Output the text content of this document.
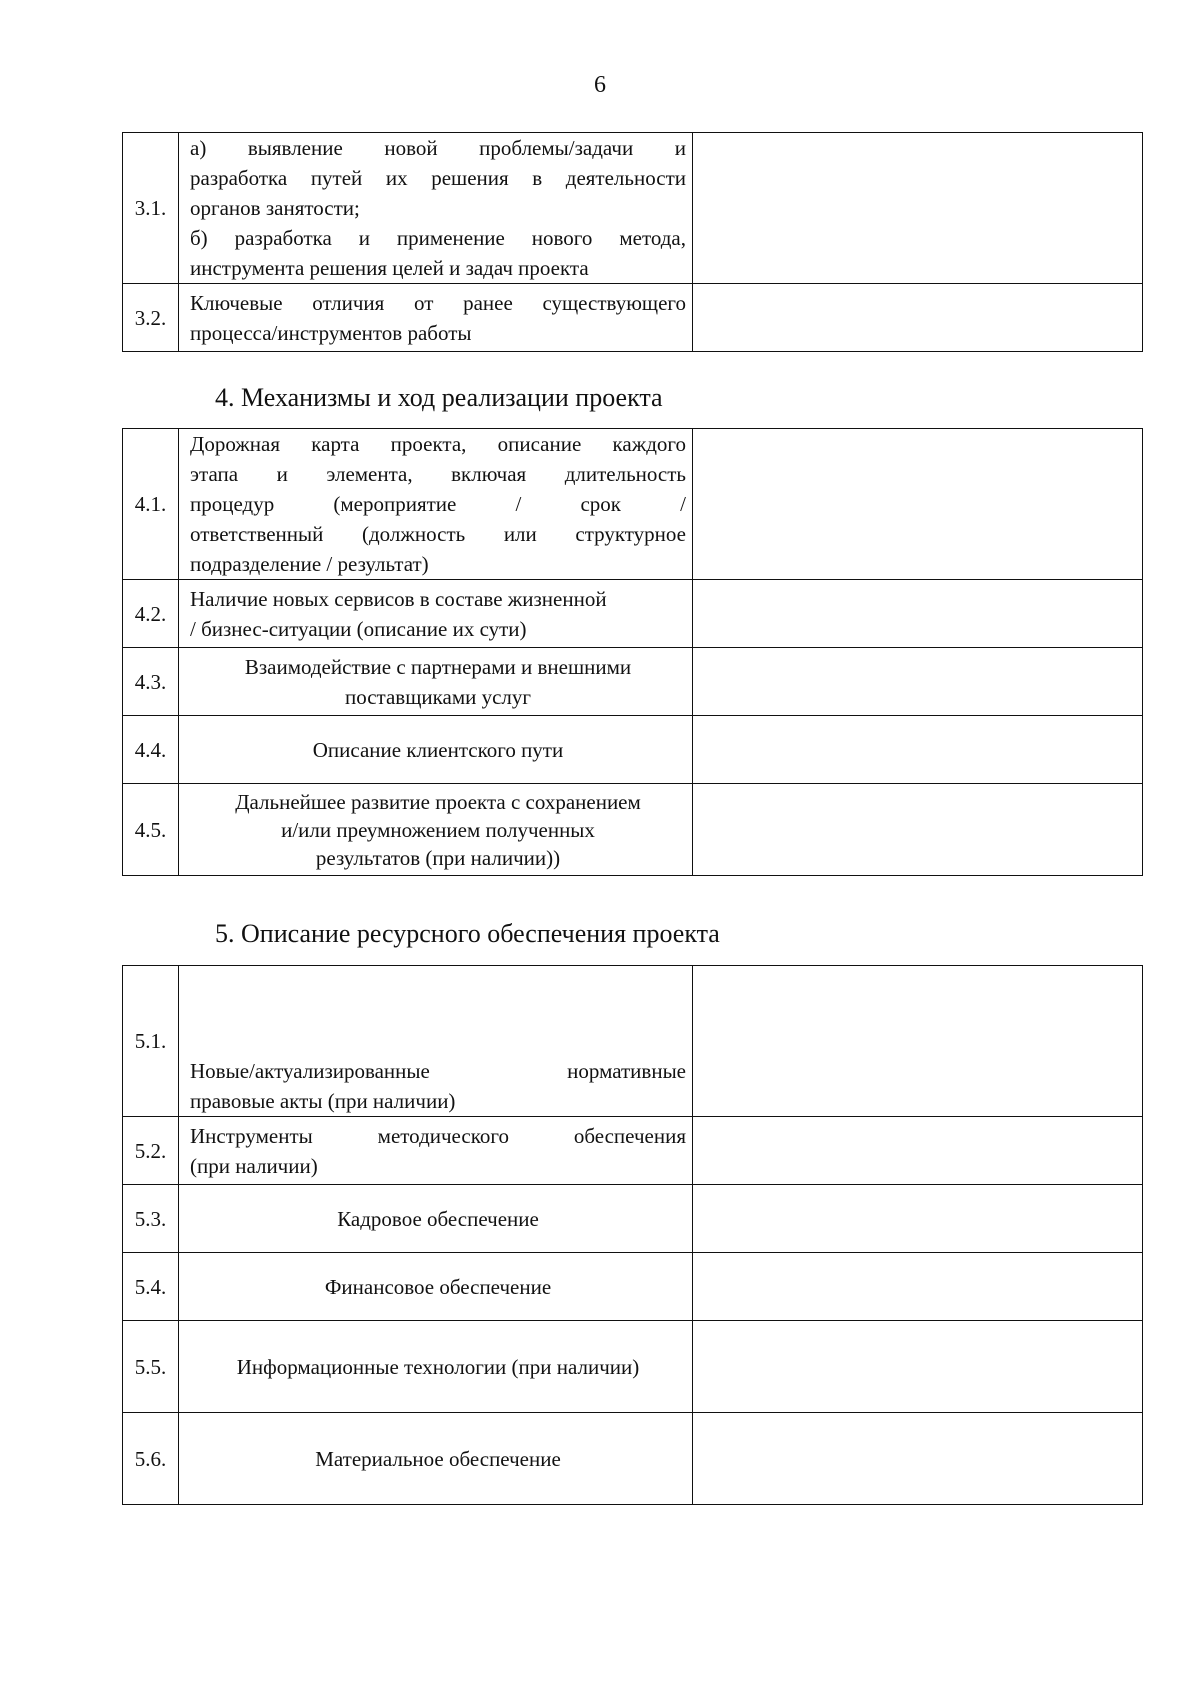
6
3.1.	а) выявление новой проблемы/задачи и
разработка путей их решения в деятельности
органов занятости;
б) разработка и применение нового метода,
инструмента решения целей и задач проекта	

3.2.	Ключевые отличия от ранее существующего
процесса/инструментов работы	

4. Механизмы и ход реализации проекта
4.1.	Дорожная карта проекта, описание каждого
этапа и элемента, включая длительность
процедур (мероприятие / срок /
ответственный (должность или структурное
подразделение / результат)	

4.2.	Наличие новых сервисов в составе жизненной
/ бизнес-ситуации (описание их сути)	

4.3.	Взаимодействие с партнерами и внешними
поставщиками услуг	

4.4.	Описание клиентского пути	

4.5.	Дальнейшее развитие проекта с сохранением
и/или преумножением полученных
результатов (при наличии))	

5. Описание ресурсного обеспечения проекта
5.1.	Новые/актуализированные нормативные
правовые акты (при наличии)	

5.2.	Инструменты методического обеспечения
(при наличии)	

5.3.	Кадровое обеспечение	

5.4.	Финансовое обеспечение	

5.5.	Информационные технологии (при наличии)	

5.6.	Материальное обеспечение	
